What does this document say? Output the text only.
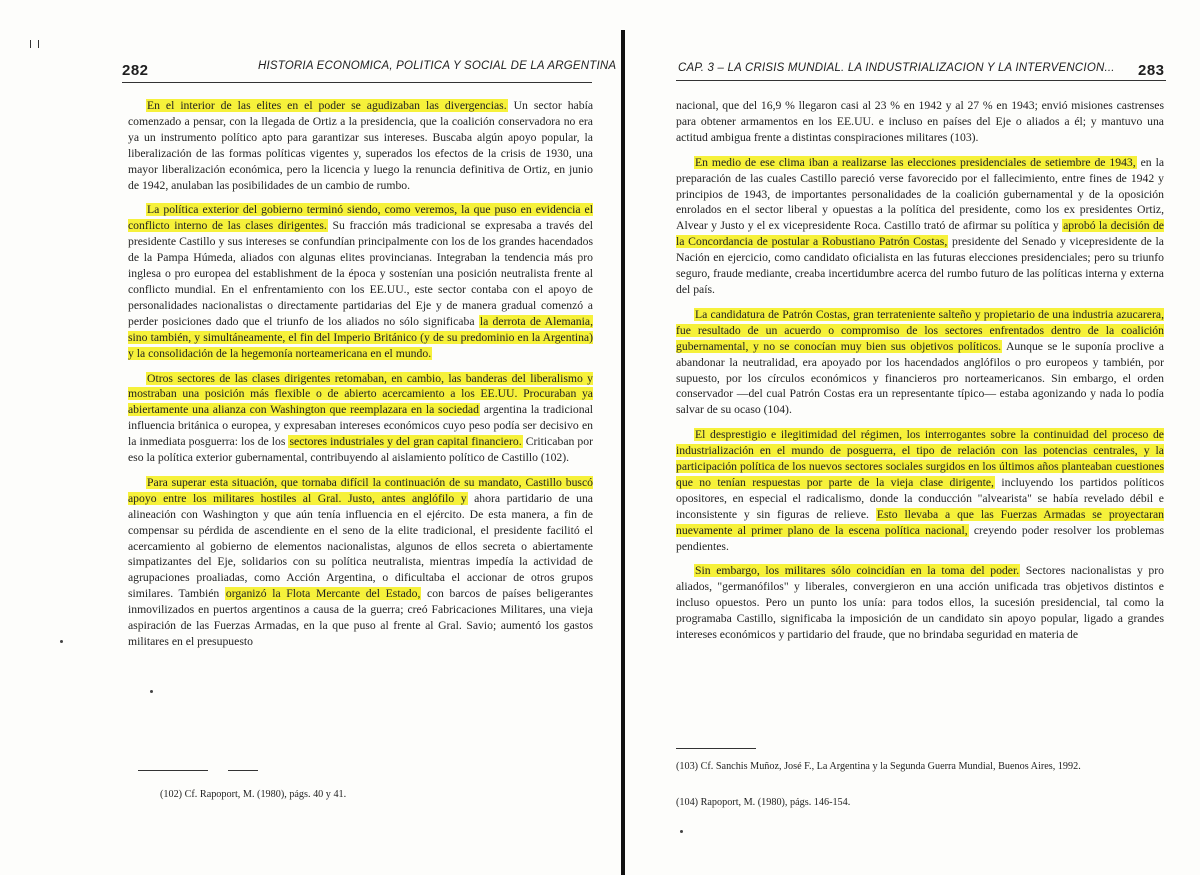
282	HISTORIA ECONOMICA, POLITICA Y SOCIAL DE LA ARGENTINA

En el interior de las elites en el poder se agudizaban las divergencias. Un sector había comenzado a pensar, con la llegada de Ortiz a la presidencia, que la coalición conservadora no era ya un instrumento político apto para garantizar sus intereses. Buscaba algún apoyo popular, la liberalización de las formas políticas vigentes y, superados los efectos de la crisis de 1930, una mayor liberalización económica, pero la licencia y luego la renuncia definitiva de Ortiz, en junio de 1942, anulaban las posibilidades de un cambio de rumbo.

La política exterior del gobierno terminó siendo, como veremos, la que puso en evidencia el conflicto interno de las clases dirigentes. Su fracción más tradicional se expresaba a través del presidente Castillo y sus intereses se confundían principalmente con los de los grandes hacendados de la Pampa Húmeda, aliados con algunas elites provincianas. Integraban la tendencia más pro inglesa o pro europea del establishment de la época y sostenían una posición neutralista frente al conflicto mundial. En el enfrentamiento con los EE.UU., este sector contaba con el apoyo de personalidades nacionalistas o directamente partidarias del Eje y de manera gradual comenzó a perder posiciones dado que el triunfo de los aliados no sólo significaba la derrota de Alemania, sino también, y simultáneamente, el fin del Imperio Británico (y de su predominio en la Argentina) y la consolidación de la hegemonía norteamericana en el mundo.

Otros sectores de las clases dirigentes retomaban, en cambio, las banderas del liberalismo y mostraban una posición más flexible o de abierto acercamiento a los EE.UU. Procuraban ya abiertamente una alianza con Washington que reemplazara en la sociedad argentina la tradicional influencia británica o europea, y expresaban intereses económicos cuyo peso podía ser decisivo en la inmediata posguerra: los de los sectores industriales y del gran capital financiero. Criticaban por eso la política exterior gubernamental, contribuyendo al aislamiento político de Castillo (102).

Para superar esta situación, que tornaba difícil la continuación de su mandato, Castillo buscó apoyo entre los militares hostiles al Gral. Justo, antes anglófilo y ahora partidario de una alineación con Washington y que aún tenía influencia en el ejército. De esta manera, a fin de compensar su pérdida de ascendiente en el seno de la elite tradicional, el presidente facilitó el acercamiento al gobierno de elementos nacionalistas, algunos de ellos secreta o abiertamente simpatizantes del Eje, solidarios con su política neutralista, mientras impedía la actividad de agrupaciones proaliadas, como Acción Argentina, o dificultaba el accionar de otros grupos similares. También organizó la Flota Mercante del Estado, con barcos de países beligerantes inmovilizados en puertos argentinos a causa de la guerra; creó Fabricaciones Militares, una vieja aspiración de las Fuerzas Armadas, en la que puso al frente al Gral. Savio; aumentó los gastos militares en el presupuesto

(102) Cf. Rapoport, M. (1980), págs. 40 y 41.
CAP. 3 – LA CRISIS MUNDIAL. LA INDUSTRIALIZACION Y LA INTERVENCION... 283

nacional, que del 16,9 % llegaron casi al 23 % en 1942 y al 27 % en 1943; envió misiones castrenses para obtener armamentos en los EE.UU. e incluso en países del Eje o aliados a él; y mantuvo una actitud ambigua frente a distintas conspiraciones militares (103).

En medio de ese clima iban a realizarse las elecciones presidenciales de setiembre de 1943, en la preparación de las cuales Castillo pareció verse favorecido por el fallecimiento, entre fines de 1942 y principios de 1943, de importantes personalidades de la coalición gubernamental y de la oposición enrolados en el sector liberal y opuestas a la política del presidente, como los ex presidentes Ortiz, Alvear y Justo y el ex vicepresidente Roca. Castillo trató de afirmar su política y aprobó la decisión de la Concordancia de postular a Robustiano Patrón Costas, presidente del Senado y vicepresidente de la Nación en ejercicio, como candidato oficialista en las futuras elecciones presidenciales; pero su triunfo seguro, fraude mediante, creaba incertidumbre acerca del rumbo futuro de las políticas interna y externa del país.

La candidatura de Patrón Costas, gran terrateniente salteño y propietario de una industria azucarera, fue resultado de un acuerdo o compromiso de los sectores enfrentados dentro de la coalición gubernamental, y no se conocían muy bien sus objetivos políticos. Aunque se le suponía proclive a abandonar la neutralidad, era apoyado por los hacendados anglófilos o pro europeos y también, por supuesto, por los círculos económicos y financieros pro norteamericanos. Sin embargo, el orden conservador —del cual Patrón Costas era un representante típico— estaba agonizando y nada lo podía salvar de su ocaso (104).

El desprestigio e ilegitimidad del régimen, los interrogantes sobre la continuidad del proceso de industrialización en el mundo de posguerra, el tipo de relación con las potencias centrales, y la participación política de los nuevos sectores sociales surgidos en los últimos años planteaban cuestiones que no tenían respuestas por parte de la vieja clase dirigente, incluyendo los partidos políticos opositores, en especial el radicalismo, donde la conducción "alvearista" se había revelado débil e inconsistente y sin figuras de relieve. Esto llevaba a que las Fuerzas Armadas se proyectaran nuevamente al primer plano de la escena política nacional, creyendo poder resolver los problemas pendientes.

Sin embargo, los militares sólo coincidían en la toma del poder. Sectores nacionalistas y pro aliados, "germanófilos" y liberales, convergieron en una acción unificada tras objetivos distintos e incluso opuestos. Pero un punto los unía: para todos ellos, la sucesión presidencial, tal como la programaba Castillo, significaba la imposición de un candidato sin apoyo popular, ligado a grandes intereses económicos y partidario del fraude, que no brindaba seguridad en materia de

(103) Cf. Sanchis Muñoz, José F., La Argentina y la Segunda Guerra Mundial, Buenos Aires, 1992.
(104) Rapoport, M. (1980), págs. 146-154.
